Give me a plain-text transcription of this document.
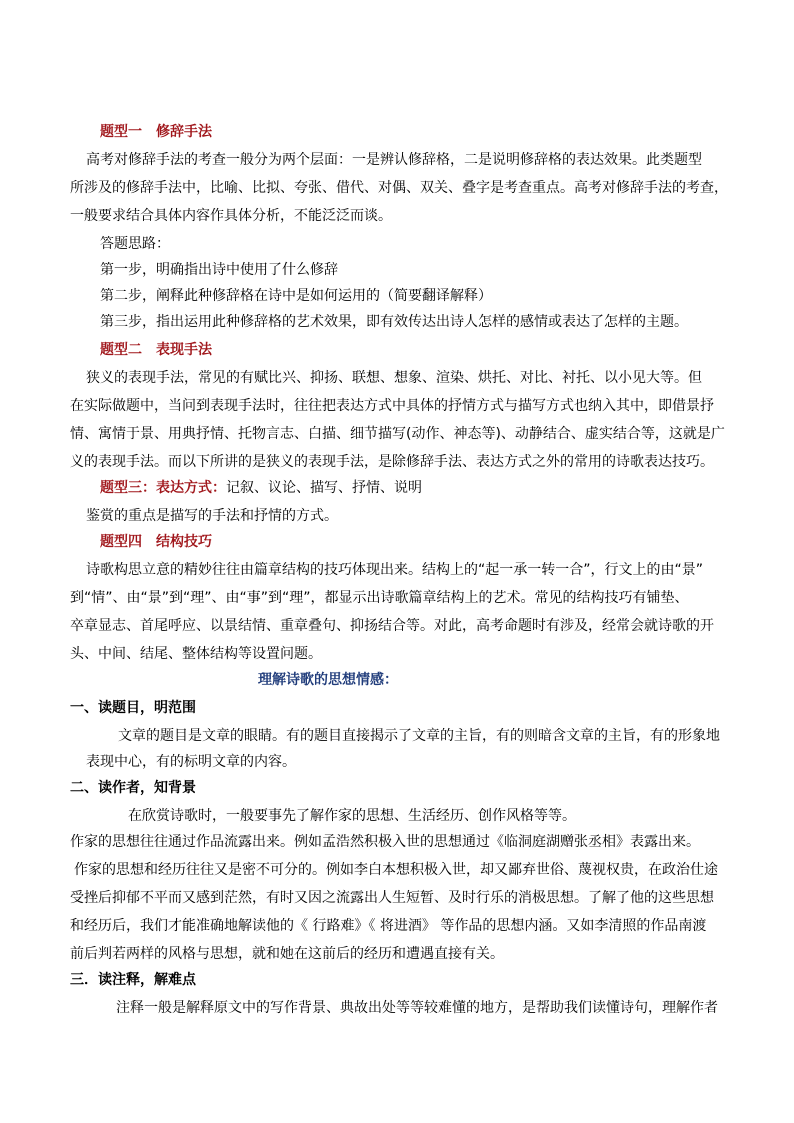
题型一　修辞手法
高考对修辞手法的考查一般分为两个层面：一是辨认修辞格，二是说明修辞格的表达效果。此类题型
所涉及的修辞手法中，比喻、比拟、夸张、借代、对偶、双关、叠字是考查重点。高考对修辞手法的考查，
一般要求结合具体内容作具体分析，不能泛泛而谈。
答题思路：
第一步，明确指出诗中使用了什么修辞
第二步，阐释此种修辞格在诗中是如何运用的（简要翻译解释）
第三步，指出运用此种修辞格的艺术效果，即有效传达出诗人怎样的感情或表达了怎样的主题。
题型二　表现手法
狭义的表现手法，常见的有赋比兴、抑扬、联想、想象、渲染、烘托、对比、衬托、以小见大等。但
在实际做题中，当问到表现手法时，往往把表达方式中具体的抒情方式与描写方式也纳入其中，即借景抒
情、寓情于景、用典抒情、托物言志、白描、细节描写(动作、神态等)、动静结合、虚实结合等，这就是广
义的表现手法。而以下所讲的是狭义的表现手法，是除修辞手法、表达方式之外的常用的诗歌表达技巧。
题型三：表达方式：记叙、议论、描写、抒情、说明
鉴赏的重点是描写的手法和抒情的方式。
题型四　结构技巧
诗歌构思立意的精妙往往由篇章结构的技巧体现出来。结构上的“起一承一转一合”，行文上的由“景”
到“情”、由“景”到“理”、由“事”到“理”，都显示出诗歌篇章结构上的艺术。常见的结构技巧有铺垫、
卒章显志、首尾呼应、以景结情、重章叠句、抑扬结合等。对此，高考命题时有涉及，经常会就诗歌的开
头、中间、结尾、整体结构等设置问题。
理解诗歌的思想情感：
一、读题目，明范围
文章的题目是文章的眼睛。有的题目直接揭示了文章的主旨，有的则暗含文章的主旨，有的形象地
表现中心，有的标明文章的内容。
二、读作者，知背景
在欣赏诗歌时，一般要事先了解作家的思想、生活经历、创作风格等等。
作家的思想往往通过作品流露出来。例如孟浩然积极入世的思想通过《临洞庭湖赠张丞相》表露出来。
作家的思想和经历往往又是密不可分的。例如李白本想积极入世，却又鄙弃世俗、蔑视权贵，在政治仕途
受挫后抑郁不平而又感到茫然，有时又因之流露出人生短暂、及时行乐的消极思想。了解了他的这些思想
和经历后，我们才能准确地解读他的《 行路难》《 将进酒》 等作品的思想内涵。又如李清照的作品南渡
前后判若两样的风格与思想，就和她在这前后的经历和遭遇直接有关。
三．读注释，解难点
注释一般是解释原文中的写作背景、典故出处等等较难懂的地方，是帮助我们读懂诗句，理解作者
